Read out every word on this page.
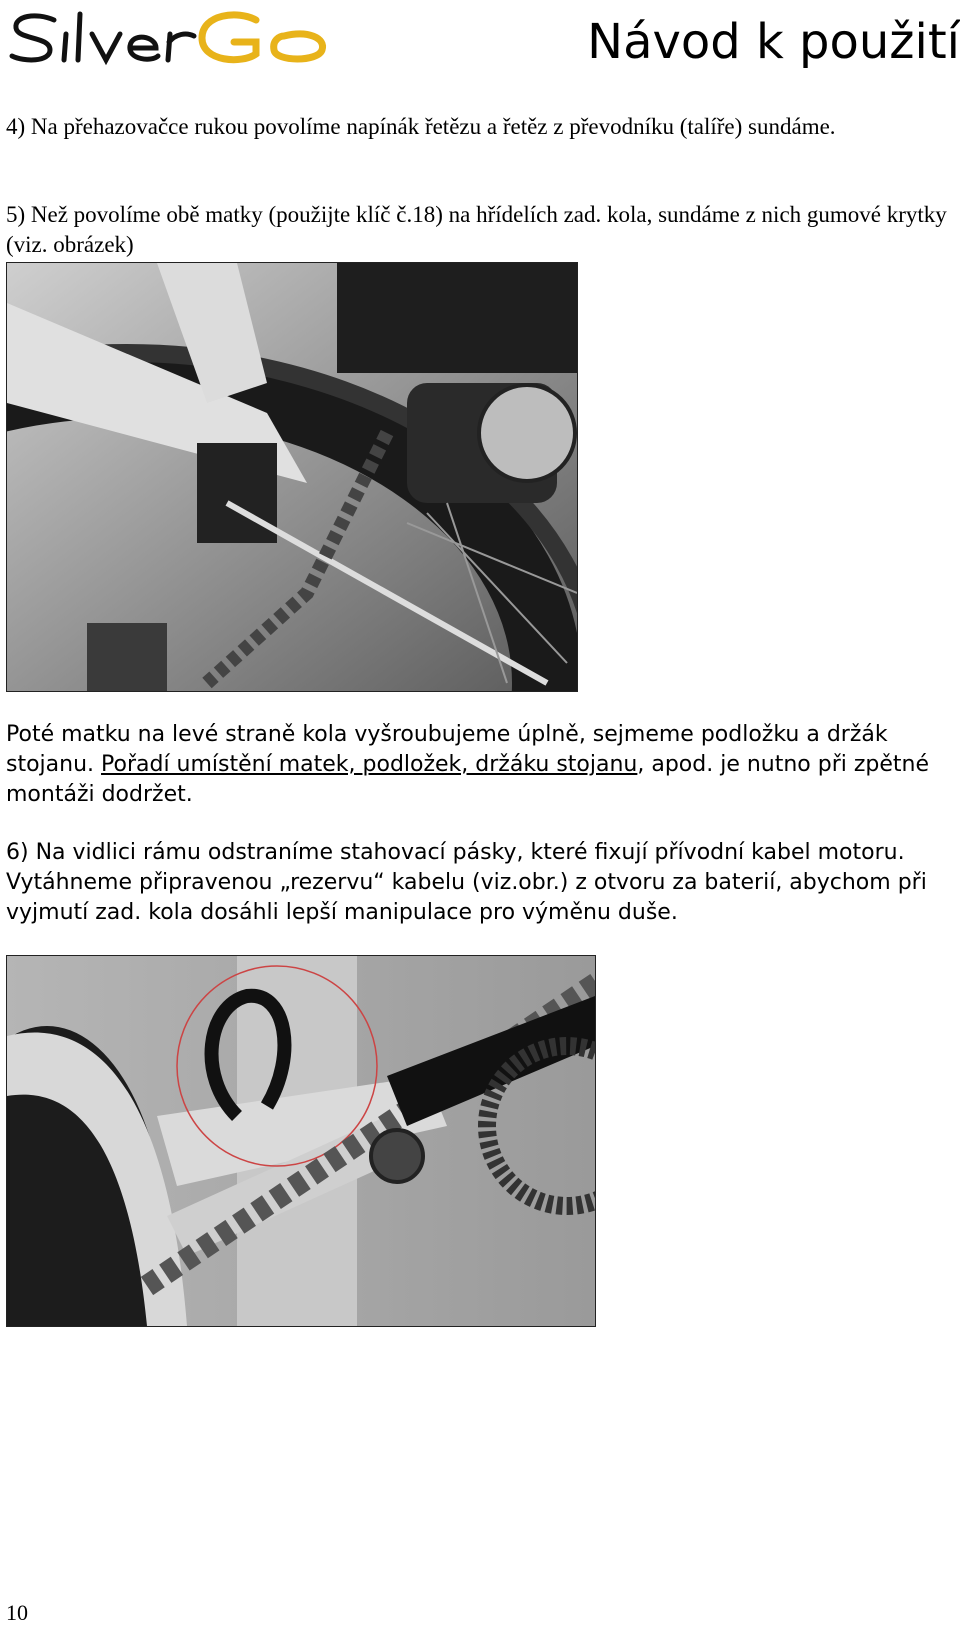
Návod k použití

4) Na přehazovačce rukou povolíme napínák řetězu a řetěz z převodníku (talíře) sundáme.

5) Než povolíme obě matky (použijte klíč č.18) na hřídelích zad. kola, sundáme z nich gumové krytky (viz. obrázek)

Poté matku na levé straně kola vyšroubujeme úplně, sejmeme podložku a držák stojanu. Pořadí umístění matek, podložek, držáku stojanu, apod. je nutno při zpětné montáži dodržet.

6) Na vidlici rámu odstraníme stahovací pásky, které fixují přívodní kabel motoru. Vytáhneme připravenou „rezervu“ kabelu (viz.obr.) z otvoru za baterií, abychom při vyjmutí zad. kola dosáhli lepší manipulace pro výměnu duše.

10
